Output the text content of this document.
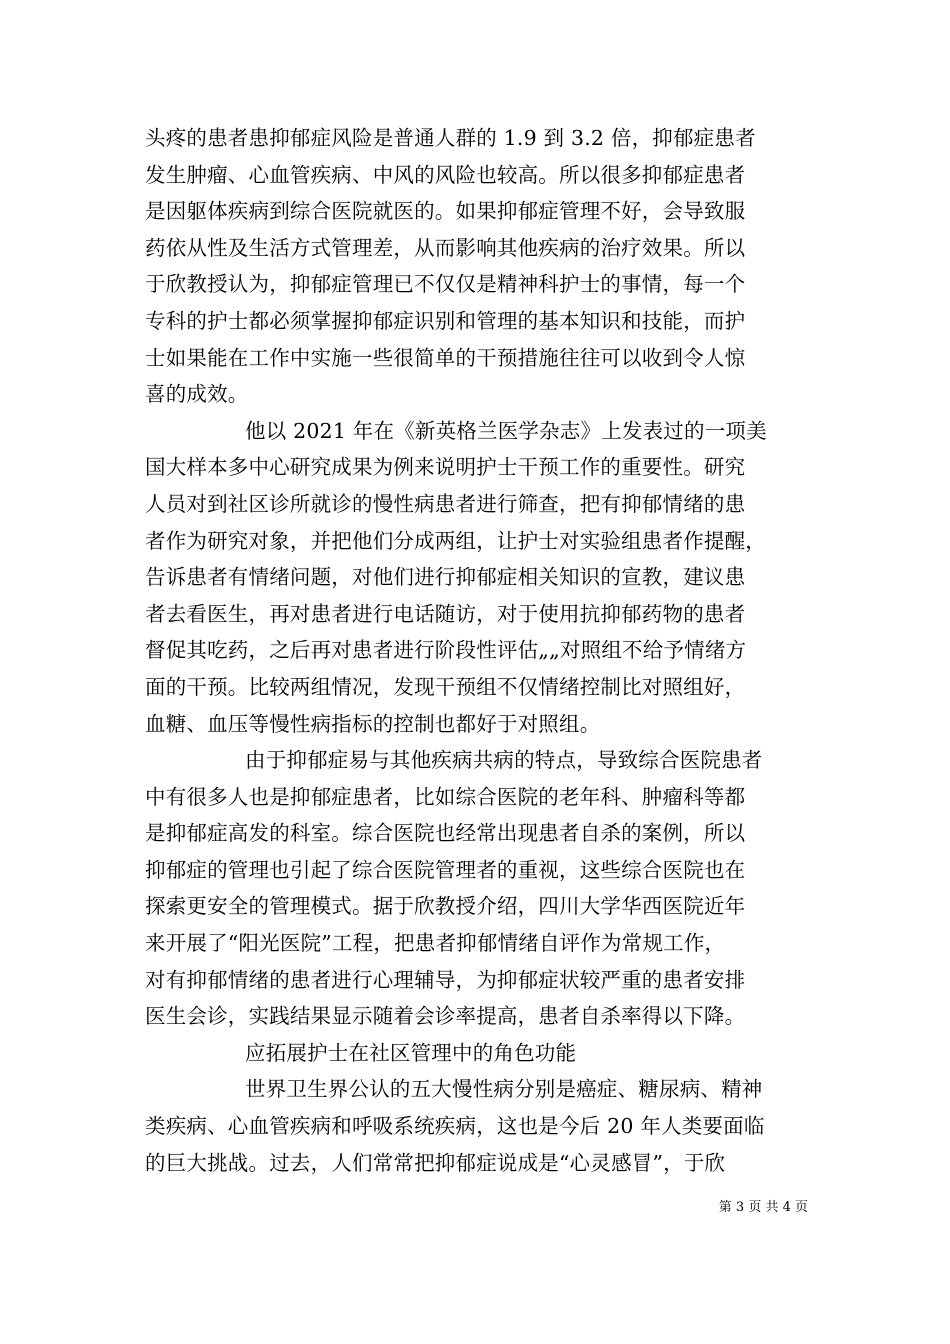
头疼的患者患抑郁症风险是普通人群的 1.9 到 3.2 倍，抑郁症患者
发生肿瘤、心血管疾病、中风的风险也较高。所以很多抑郁症患者
是因躯体疾病到综合医院就医的。如果抑郁症管理不好，会导致服
药依从性及生活方式管理差，从而影响其他疾病的治疗效果。所以
于欣教授认为，抑郁症管理已不仅仅是精神科护士的事情，每一个
专科的护士都必须掌握抑郁症识别和管理的基本知识和技能，而护
士如果能在工作中实施一些很简单的干预措施往往可以收到令人惊
喜的成效。
他以 2021 年在《新英格兰医学杂志》上发表过的一项美
国大样本多中心研究成果为例来说明护士干预工作的重要性。研究
人员对到社区诊所就诊的慢性病患者进行筛查，把有抑郁情绪的患
者作为研究对象，并把他们分成两组，让护士对实验组患者作提醒，
告诉患者有情绪问题，对他们进行抑郁症相关知识的宣教，建议患
者去看医生，再对患者进行电话随访，对于使用抗抑郁药物的患者
督促其吃药，之后再对患者进行阶段性评估„„对照组不给予情绪方
面的干预。比较两组情况，发现干预组不仅情绪控制比对照组好，
血糖、血压等慢性病指标的控制也都好于对照组。
由于抑郁症易与其他疾病共病的特点，导致综合医院患者
中有很多人也是抑郁症患者，比如综合医院的老年科、肿瘤科等都
是抑郁症高发的科室。综合医院也经常出现患者自杀的案例，所以
抑郁症的管理也引起了综合医院管理者的重视，这些综合医院也在
探索更安全的管理模式。据于欣教授介绍，四川大学华西医院近年
来开展了“阳光医院”工程，把患者抑郁情绪自评作为常规工作，
对有抑郁情绪的患者进行心理辅导，为抑郁症状较严重的患者安排
医生会诊，实践结果显示随着会诊率提高，患者自杀率得以下降。
应拓展护士在社区管理中的角色功能
世界卫生界公认的五大慢性病分别是癌症、糖尿病、精神
类疾病、心血管疾病和呼吸系统疾病，这也是今后 20 年人类要面临
的巨大挑战。过去，人们常常把抑郁症说成是“心灵感冒”，于欣
第 3 页 共 4 页
